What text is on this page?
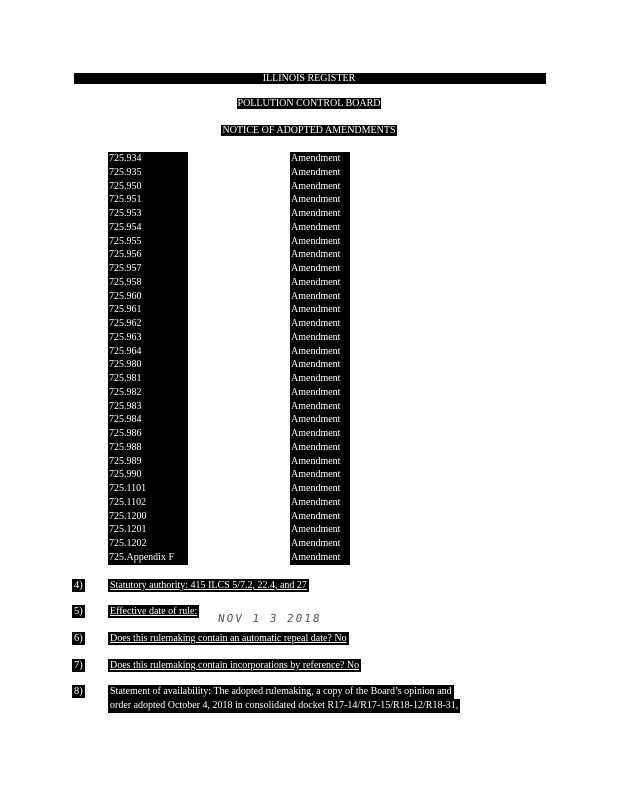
ILLINOIS REGISTER
POLLUTION CONTROL BOARD
NOTICE OF ADOPTED AMENDMENTS
725.934	Amendment
725.935	Amendment
725.950	Amendment
725.951	Amendment
725.953	Amendment
725.954	Amendment
725.955	Amendment
725.956	Amendment
725.957	Amendment
725.958	Amendment
725.960	Amendment
725.961	Amendment
725.962	Amendment
725.963	Amendment
725.964	Amendment
725.980	Amendment
725.981	Amendment
725.982	Amendment
725.983	Amendment
725.984	Amendment
725.986	Amendment
725.988	Amendment
725.989	Amendment
725.990	Amendment
725.1101	Amendment
725.1102	Amendment
725.1200	Amendment
725.1201	Amendment
725.1202	Amendment
725.Appendix F	Amendment
4)	Statutory authority: 415 ILCS 5/7.2, 22.4, and 27
5)	Effective date of rule:
NOV 1 3 2018
6)	Does this rulemaking contain an automatic repeal date? No
7)	Does this rulemaking contain incorporations by reference? No
8)	Statement of availability: The adopted rulemaking, a copy of the Board’s opinion and
order adopted October 4, 2018 in consolidated docket R17-14/R17-15/R18-12/R18-31,
